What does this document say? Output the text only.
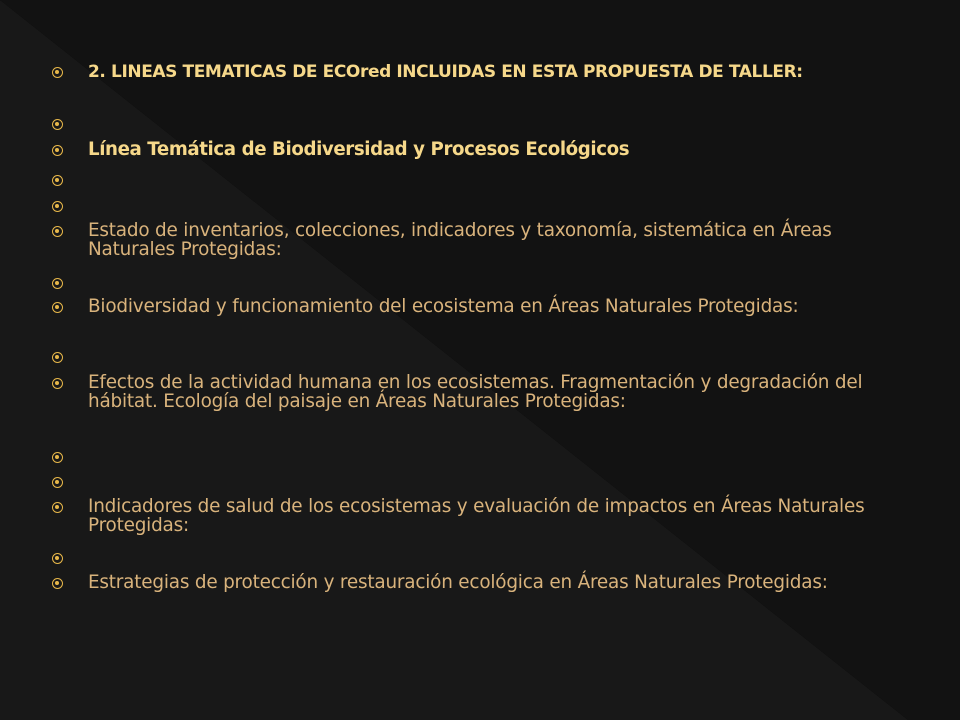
2. LINEAS TEMATICAS DE ECOred INCLUIDAS EN ESTA PROPUESTA DE TALLER:

Línea Temática de Biodiversidad y Procesos Ecológicos

Estado de inventarios, colecciones, indicadores y taxonomía, sistemática en Áreas Naturales Protegidas:

Biodiversidad y funcionamiento del ecosistema en Áreas Naturales Protegidas:

Efectos de la actividad humana en los ecosistemas. Fragmentación y degradación del hábitat. Ecología del paisaje en Áreas Naturales Protegidas:

Indicadores de salud de los ecosistemas y evaluación de impactos en Áreas Naturales Protegidas:

Estrategias de protección y restauración ecológica en Áreas Naturales Protegidas:
